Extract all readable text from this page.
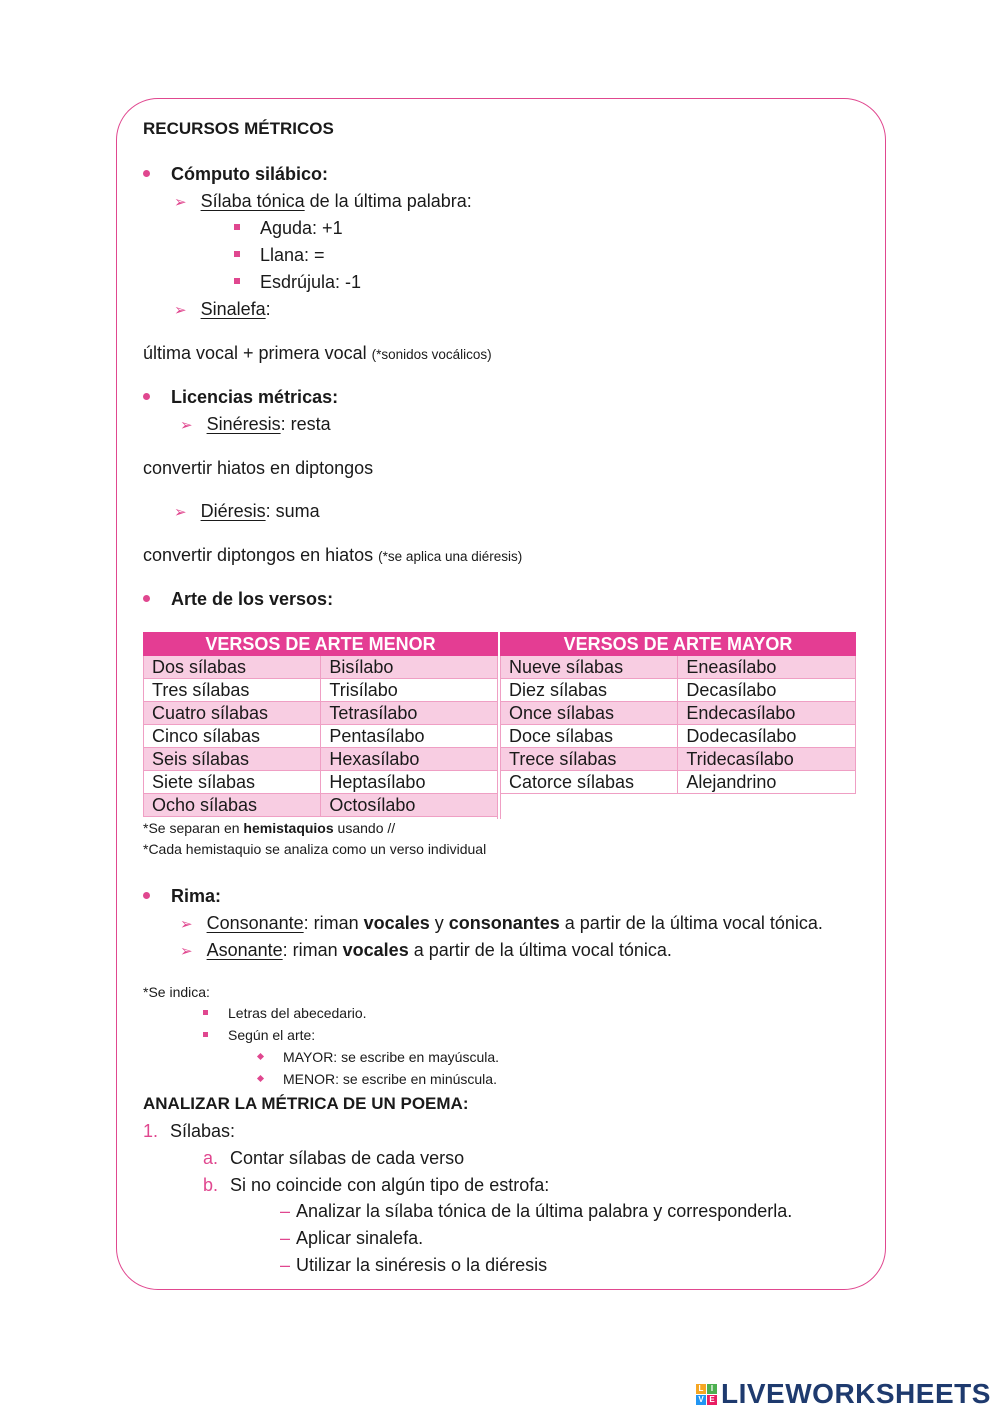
RECURSOS MÉTRICOS
Cómputo silábico:
➢ Sílaba tónica de la última palabra:
Aguda: +1
Llana: =
Esdrújula: -1
➢ Sinalefa:
última vocal + primera vocal (*sonidos vocálicos)
Licencias métricas:
➢ Sinéresis: resta
convertir hiatos en diptongos
➢ Diéresis: suma
convertir diptongos en hiatos (*se aplica una diéresis)
Arte de los versos:
VERSOS DE ARTE MENOR	
Dos sílabas	Bisílabo
Tres sílabas	Trisílabo
Cuatro sílabas	Tetrasílabo
Cinco sílabas	Pentasílabo
Seis sílabas	Hexasílabo
Siete sílabas	Heptasílabo
Ocho sílabas	Octosílabo
VERSOS DE ARTE MAYOR	
Nueve sílabas	Eneasílabo
Diez sílabas	Decasílabo
Once sílabas	Endecasílabo
Doce sílabas	Dodecasílabo
Trece sílabas	Tridecasílabo
Catorce sílabas	Alejandrino
*Se separan en hemistaquios usando //
*Cada hemistaquio se analiza como un verso individual
Rima:
➢ Consonante: riman vocales y consonantes a partir de la última vocal tónica.
➢ Asonante: riman vocales a partir de la última vocal tónica.
*Se indica:
Letras del abecedario.
Según el arte:
MAYOR: se escribe en mayúscula.
MENOR: se escribe en minúscula.
ANALIZAR LA MÉTRICA DE UN POEMA:
1. Sílabas:
a. Contar sílabas de cada verso
b. Si no coincide con algún tipo de estrofa:
– Analizar la sílaba tónica de la última palabra y corresponderla.
– Aplicar sinalefa.
– Utilizar la sinéresis o la diéresis
L I
V E LIVEWORKSHEETS
